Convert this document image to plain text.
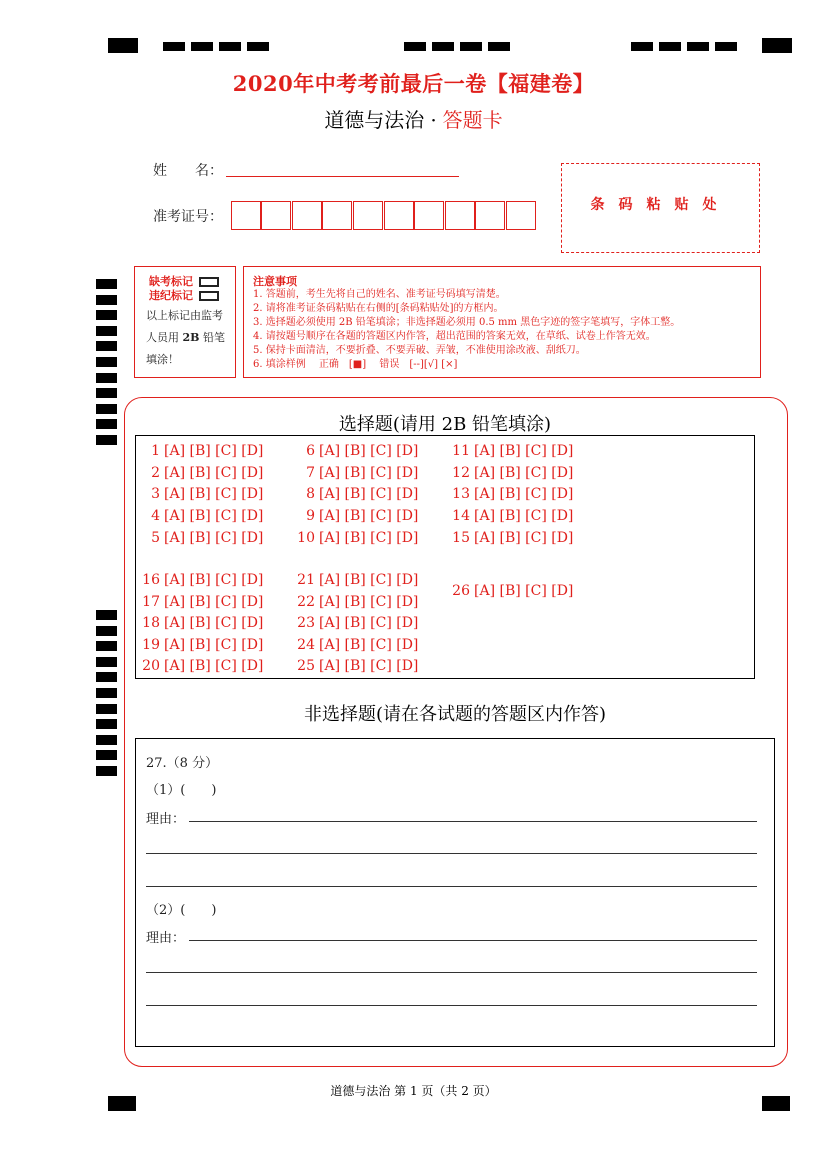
2020年中考考前最后一卷【福建卷】
道德与法治 · 答题卡
姓　　名：
准考证号：
条码粘贴处
缺考标记
违纪标记
以上标记由监考
人员用 2B 铅笔
填涂！
注意事项
1. 答题前，考生先将自己的姓名、准考证号码填写清楚。
2. 请将准考证条码粘贴在右侧的[条码粘贴处]的方框内。
3. 选择题必须使用 2B 铅笔填涂；非选择题必须用 0.5 mm 黑色字迹的签字笔填写，字体工整。
4. 请按题号顺序在各题的答题区内作答，超出范围的答案无效，在草纸、试卷上作答无效。
5. 保持卡面清洁，不要折叠、不要弄破、弄皱，不准使用涂改液、刮纸刀。
6. 填涂样例　 正确　[■]　 错误　[--][√] [×]
选择题(请用 2B 铅笔填涂)
1 [A] [B] [C] [D]
2 [A] [B] [C] [D]
3 [A] [B] [C] [D]
4 [A] [B] [C] [D]
5 [A] [B] [C] [D]
6 [A] [B] [C] [D]
7 [A] [B] [C] [D]
8 [A] [B] [C] [D]
9 [A] [B] [C] [D]
10 [A] [B] [C] [D]
11 [A] [B] [C] [D]
12 [A] [B] [C] [D]
13 [A] [B] [C] [D]
14 [A] [B] [C] [D]
15 [A] [B] [C] [D]
16 [A] [B] [C] [D]
17 [A] [B] [C] [D]
18 [A] [B] [C] [D]
19 [A] [B] [C] [D]
20 [A] [B] [C] [D]
21 [A] [B] [C] [D]
22 [A] [B] [C] [D]
23 [A] [B] [C] [D]
24 [A] [B] [C] [D]
25 [A] [B] [C] [D]
26 [A] [B] [C] [D]
非选择题(请在各试题的答题区内作答)
27.（8 分）
（1）(　　)
理由：
（2）(　　)
理由：
道德与法治 第 1 页（共 2 页）
